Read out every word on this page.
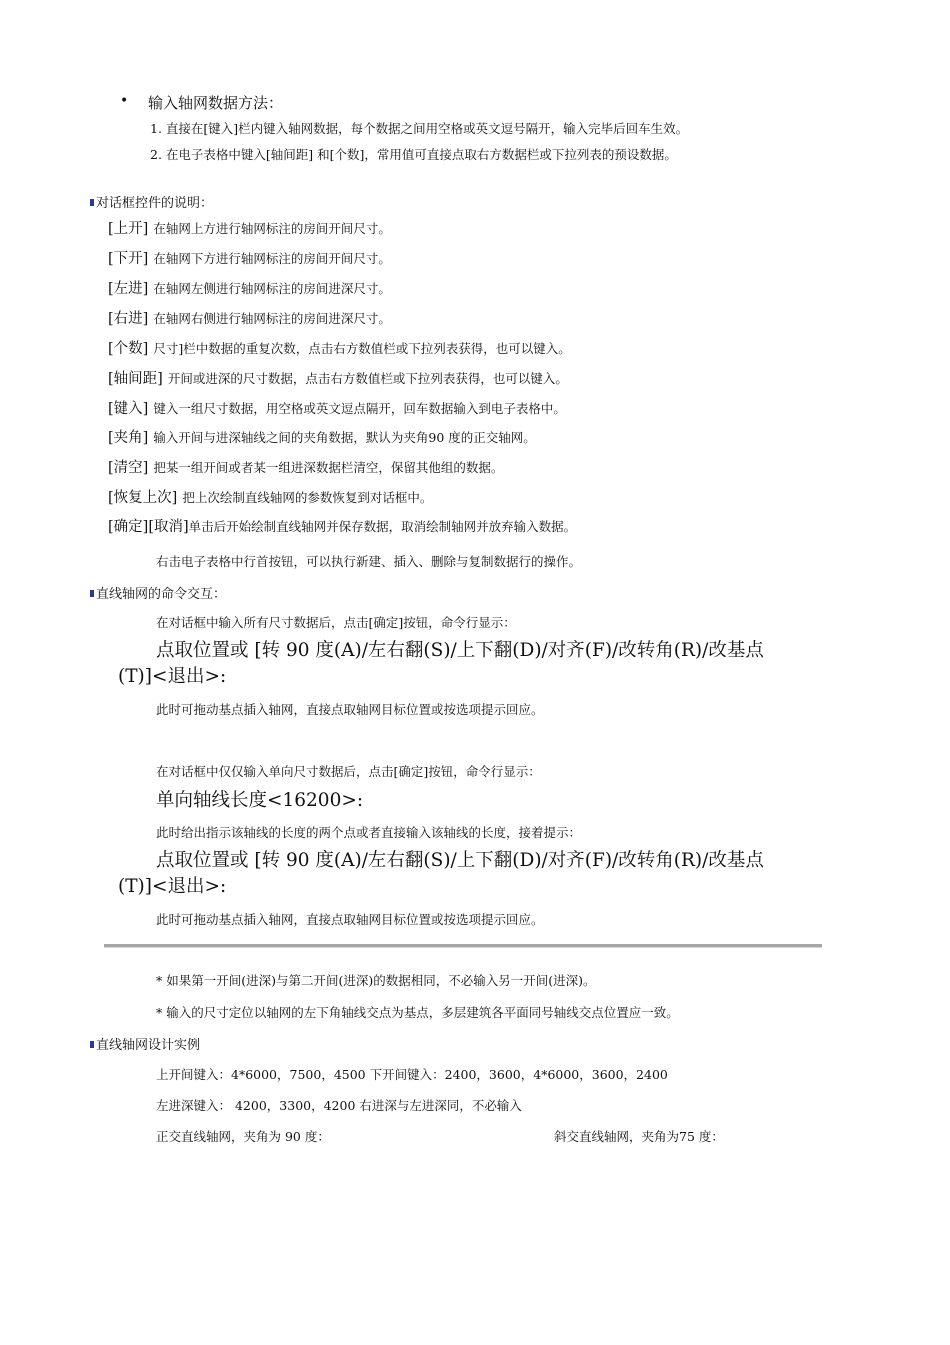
• 输入轴网数据方法：
1. 直接在[键入]栏内键入轴网数据，每个数据之间用空格或英文逗号隔开，输入完毕后回车生效。
2. 在电子表格中键入[轴间距] 和[个数]，常用值可直接点取右方数据栏或下拉列表的预设数据。
对话框控件的说明：
[上开] 在轴网上方进行轴网标注的房间开间尺寸。
[下开] 在轴网下方进行轴网标注的房间开间尺寸。
[左进] 在轴网左侧进行轴网标注的房间进深尺寸。
[右进] 在轴网右侧进行轴网标注的房间进深尺寸。
[个数] 尺寸]栏中数据的重复次数，点击右方数值栏或下拉列表获得，也可以键入。
[轴间距] 开间或进深的尺寸数据，点击右方数值栏或下拉列表获得，也可以键入。
[键入] 键入一组尺寸数据，用空格或英文逗点隔开，回车数据输入到电子表格中。
[夹角] 输入开间与进深轴线之间的夹角数据，默认为夹角90 度的正交轴网。
[清空] 把某一组开间或者某一组进深数据栏清空，保留其他组的数据。
[恢复上次] 把上次绘制直线轴网的参数恢复到对话框中。
[确定][取消]单击后开始绘制直线轴网并保存数据，取消绘制轴网并放弃输入数据。
右击电子表格中行首按钮，可以执行新建、插入、删除与复制数据行的操作。
直线轴网的命令交互：
在对话框中输入所有尺寸数据后，点击[确定]按钮，命令行显示：
点取位置或 [转 90 度(A)/左右翻(S)/上下翻(D)/对齐(F)/改转角(R)/改基点
(T)]<退出>:
此时可拖动基点插入轴网，直接点取轴网目标位置或按选项提示回应。
在对话框中仅仅输入单向尺寸数据后，点击[确定]按钮，命令行显示：
单向轴线长度<16200>:
此时给出指示该轴线的长度的两个点或者直接输入该轴线的长度，接着提示：
点取位置或 [转 90 度(A)/左右翻(S)/上下翻(D)/对齐(F)/改转角(R)/改基点
(T)]<退出>:
此时可拖动基点插入轴网，直接点取轴网目标位置或按选项提示回应。
* 如果第一开间(进深)与第二开间(进深)的数据相同，不必输入另一开间(进深)。
* 输入的尺寸定位以轴网的左下角轴线交点为基点，多层建筑各平面同号轴线交点位置应一致。
直线轴网设计实例
上开间键入：4*6000，7500，4500 下开间键入：2400，3600，4*6000，3600，2400
左进深键入： 4200，3300，4200 右进深与左进深同，不必输入
正交直线轴网，夹角为 90 度：	斜交直线轴网，夹角为75 度：
